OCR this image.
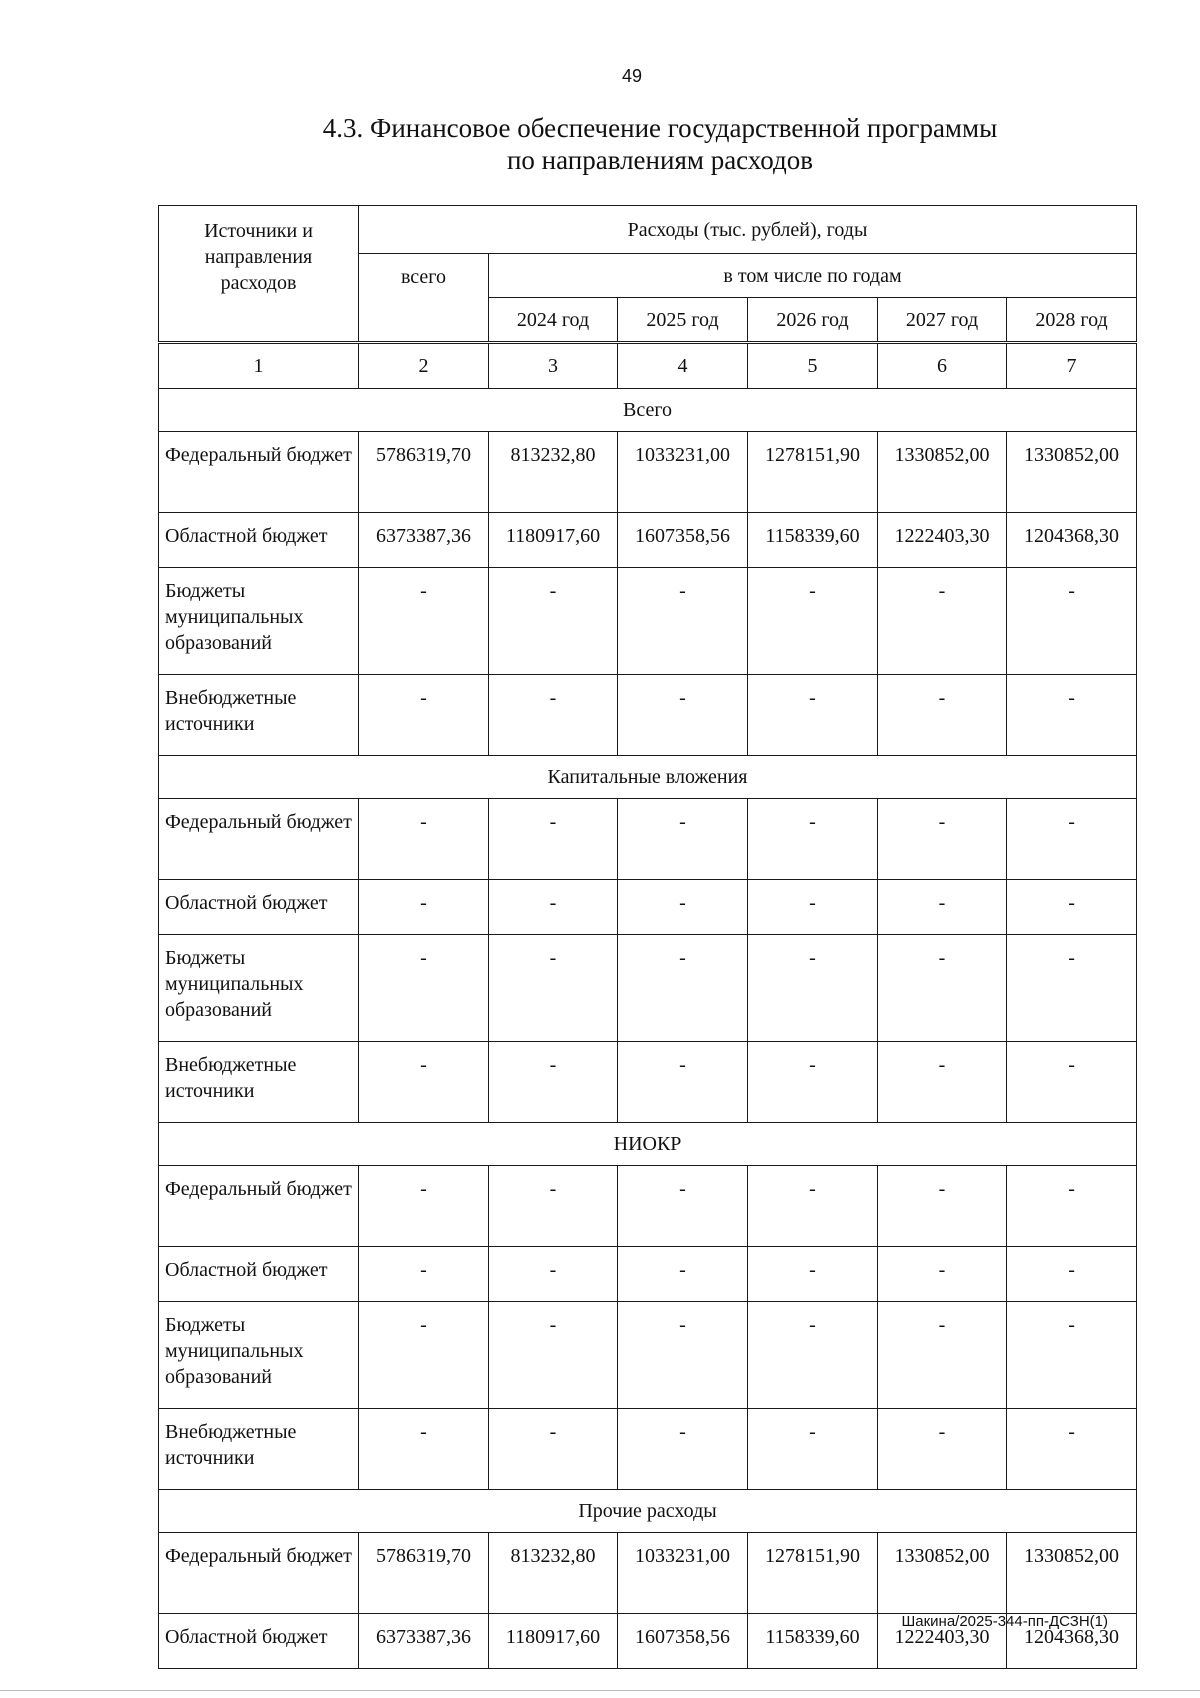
49
4.3. Финансовое обеспечение государственной программы
по направлениям расходов
Источники и направления расходов	Расходы (тыс. рублей), годы					
	всего	в том числе по годам				
		2024 год	2025 год	2026 год	2027 год	2028 год
1	2	3	4	5	6	7
Всего						
Федеральный бюджет	5786319,70	813232,80	1033231,00	1278151,90	1330852,00	1330852,00
Областной бюджет	6373387,36	1180917,60	1607358,56	1158339,60	1222403,30	1204368,30
Бюджеты муниципальных образований	-	-	-	-	-	-
Внебюджетные источники	-	-	-	-	-	-
Капитальные вложения						
Федеральный бюджет	-	-	-	-	-	-
Областной бюджет	-	-	-	-	-	-
Бюджеты муниципальных образований	-	-	-	-	-	-
Внебюджетные источники	-	-	-	-	-	-
НИОКР						
Федеральный бюджет	-	-	-	-	-	-
Областной бюджет	-	-	-	-	-	-
Бюджеты муниципальных образований	-	-	-	-	-	-
Внебюджетные источники	-	-	-	-	-	-
Прочие расходы						
Федеральный бюджет	5786319,70	813232,80	1033231,00	1278151,90	1330852,00	1330852,00
Областной бюджет	6373387,36	1180917,60	1607358,56	1158339,60	1222403,30	1204368,30
Шакина/2025-344-пп-ДСЗН(1)
